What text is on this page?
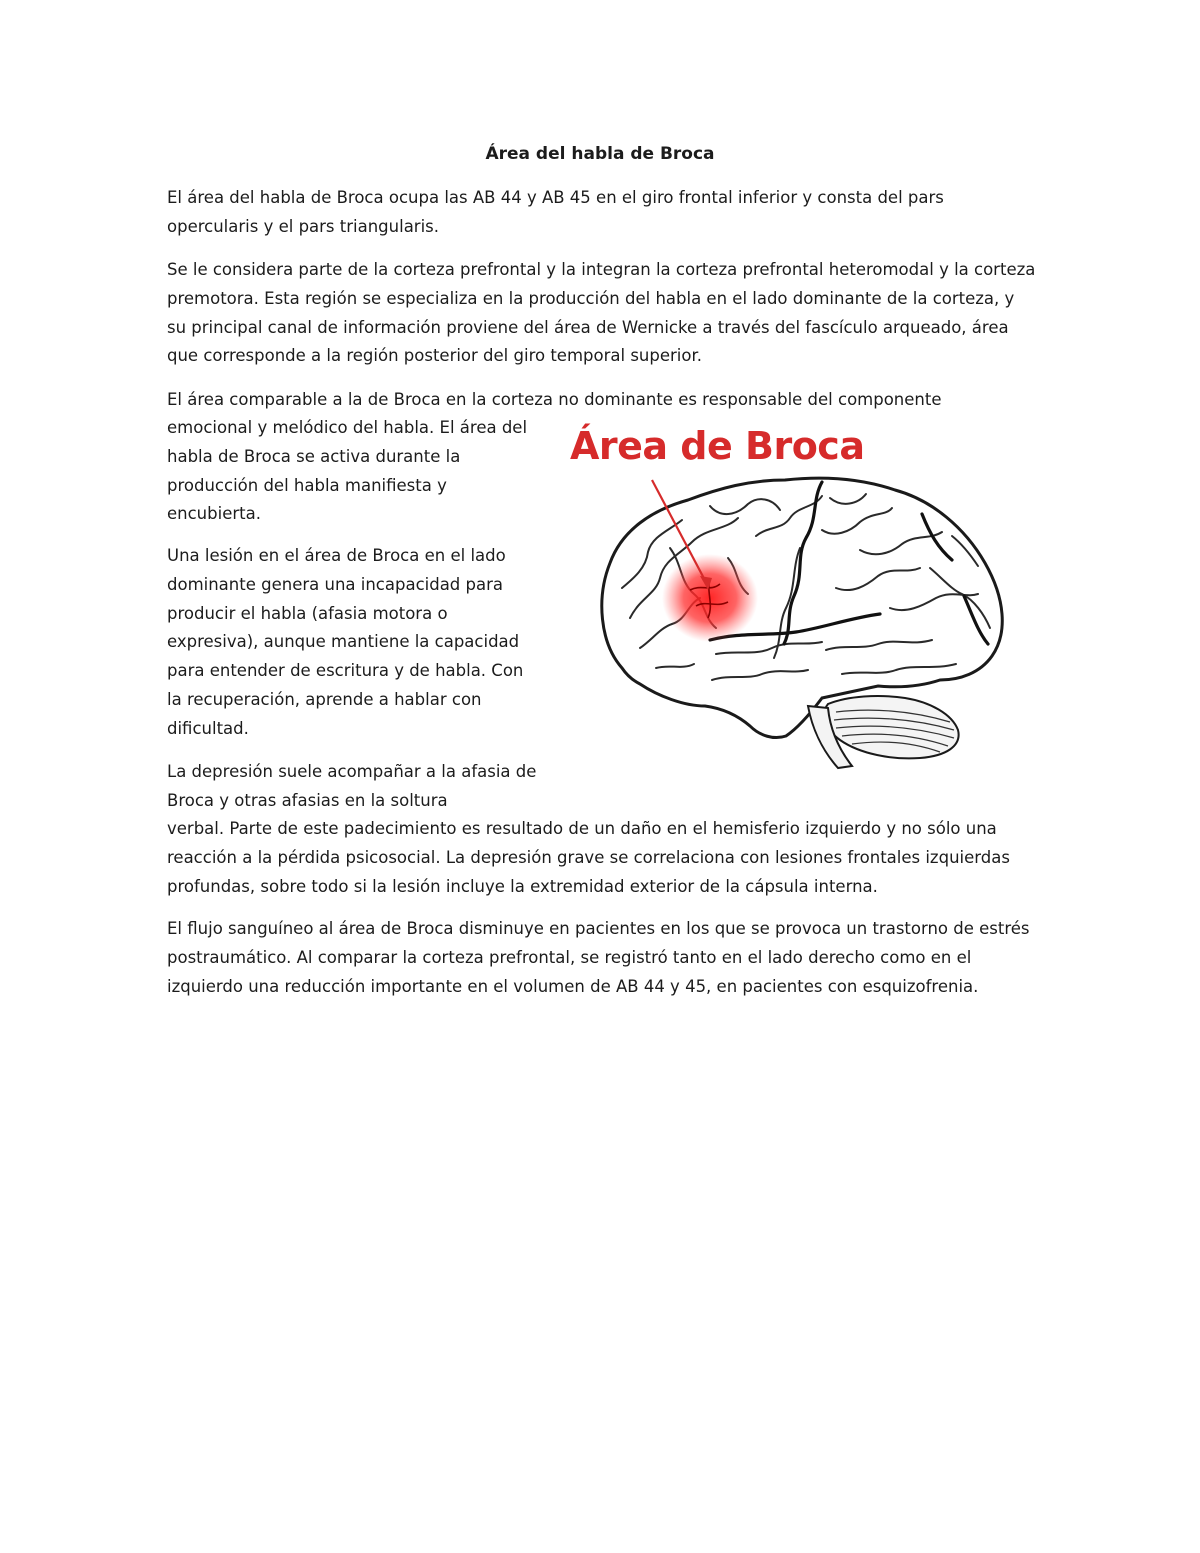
Área del habla de Broca

El área del habla de Broca ocupa las AB 44 y AB 45 en el giro frontal inferior y consta del pars opercularis y el pars triangularis.

Se le considera parte de la corteza prefrontal y la integran la corteza prefrontal heteromodal y la corteza premotora. Esta región se especializa en la producción del habla en el lado dominante de la corteza, y su principal canal de información proviene del área de Wernicke a través del fascículo arqueado, área que corresponde a la región posterior del giro temporal superior.

El área comparable a la de Broca en la corteza no dominante es responsable del componente

emocional y melódico del habla. El área del habla de Broca se activa durante la producción del habla manifiesta y encubierta.

Una lesión en el área de Broca en el lado dominante genera una incapacidad para producir el habla (afasia motora o expresiva), aunque mantiene la capacidad para entender de escritura y de habla. Con la recuperación, aprende a hablar con dificultad.

La depresión suele acompañar a la afasia de Broca y otras afasias en la soltura

verbal. Parte de este padecimiento es resultado de un daño en el hemisferio izquierdo y no sólo una reacción a la pérdida psicosocial. La depresión grave se correlaciona con lesiones frontales izquierdas profundas, sobre todo si la lesión incluye la extremidad exterior de la cápsula interna.

El flujo sanguíneo al área de Broca disminuye en pacientes en los que se provoca un trastorno de estrés postraumático. Al comparar la corteza prefrontal, se registró tanto en el lado derecho como en el izquierdo una reducción importante en el volumen de AB 44 y 45, en pacientes con esquizofrenia.

Área de Broca
